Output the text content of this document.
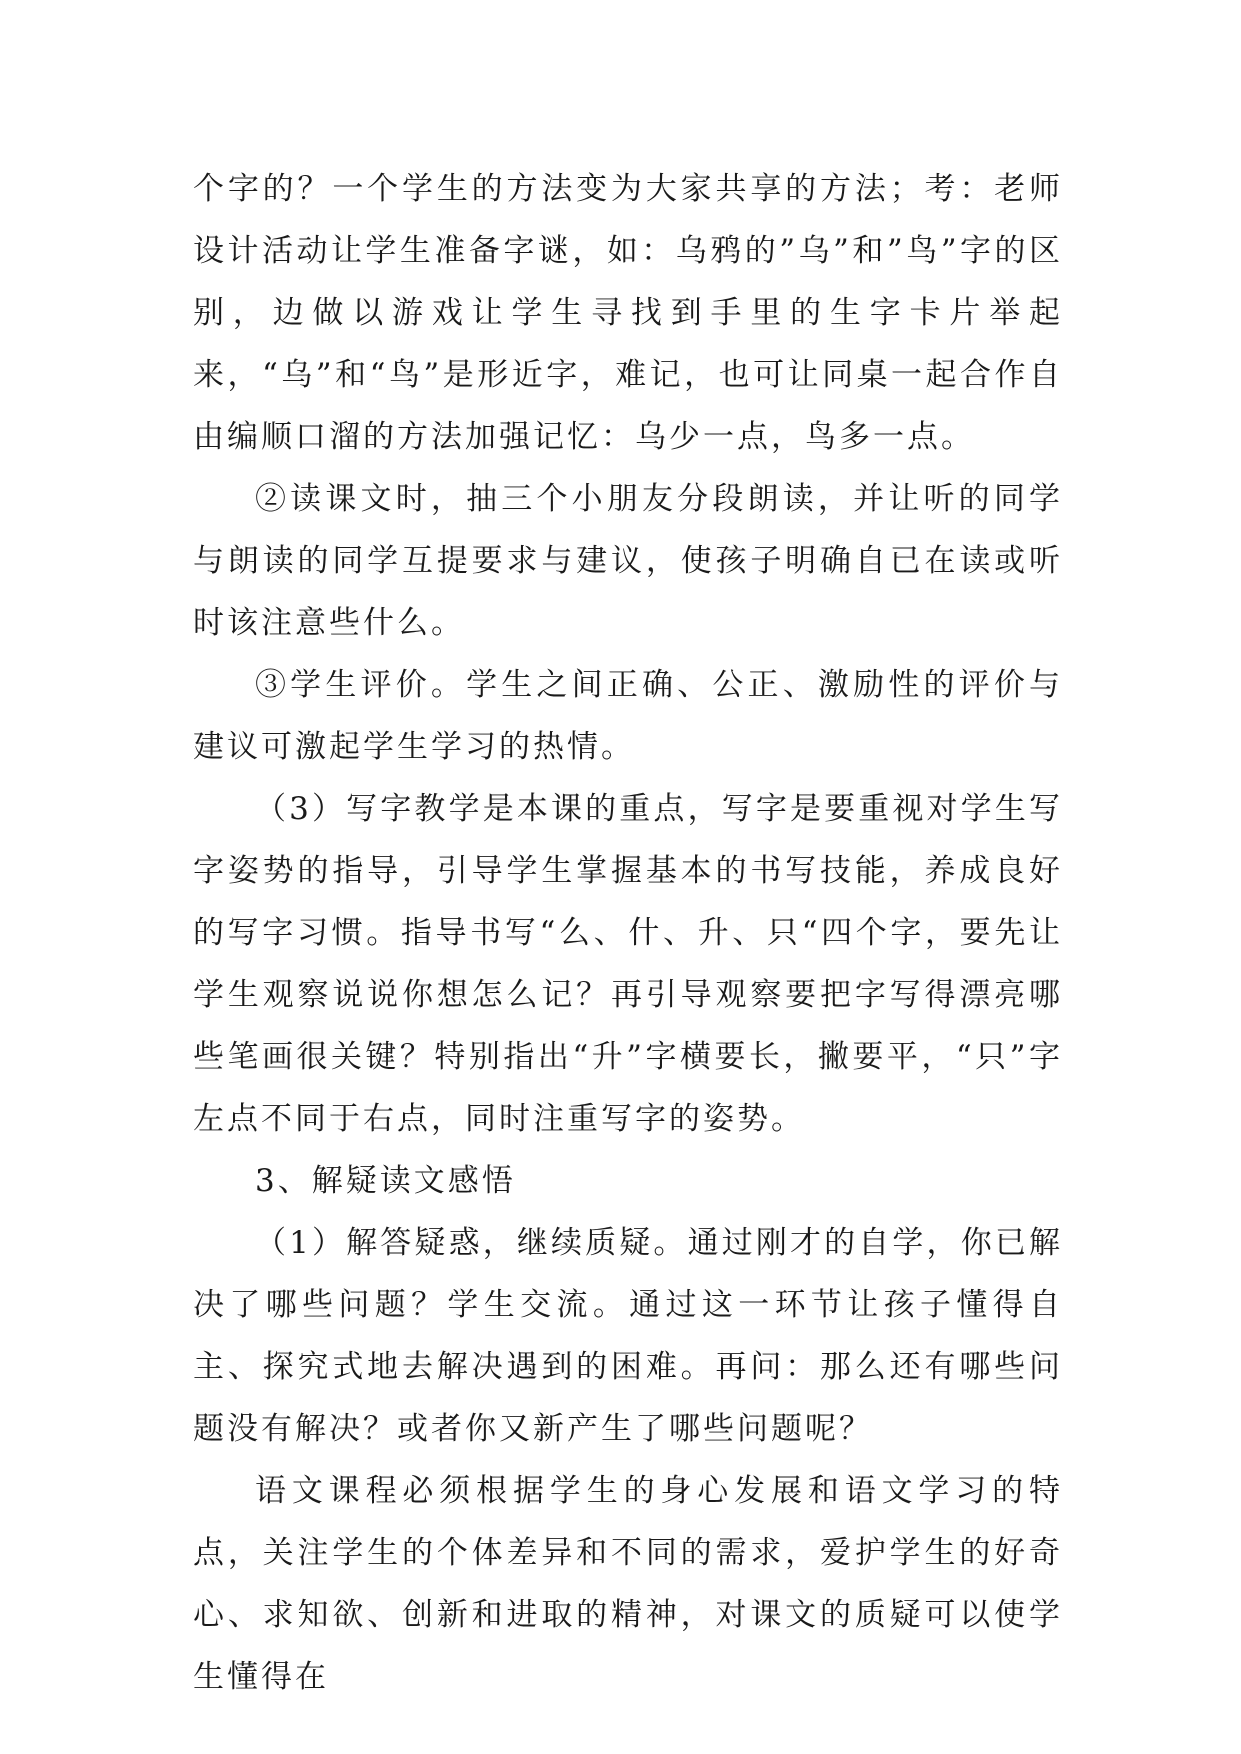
个字的？一个学生的方法变为大家共享的方法；考：老师设计活动让学生准备字谜，如：乌鸦的”乌”和”鸟”字的区别，边做以游戏让学生寻找到手里的生字卡片举起来，“乌”和“鸟”是形近字，难记，也可让同桌一起合作自由编顺口溜的方法加强记忆：乌少一点，鸟多一点。

②读课文时，抽三个小朋友分段朗读，并让听的同学与朗读的同学互提要求与建议，使孩子明确自已在读或听时该注意些什么。

③学生评价。学生之间正确、公正、激励性的评价与建议可激起学生学习的热情。

（3）写字教学是本课的重点，写字是要重视对学生写字姿势的指导，引导学生掌握基本的书写技能，养成良好的写字习惯。指导书写“么、什、升、只“四个字，要先让学生观察说说你想怎么记？再引导观察要把字写得漂亮哪些笔画很关键？特别指出“升”字横要长，撇要平，“只”字左点不同于右点，同时注重写字的姿势。

3、解疑读文感悟

（1）解答疑惑，继续质疑。通过刚才的自学，你已解决了哪些问题？学生交流。通过这一环节让孩子懂得自主、探究式地去解决遇到的困难。再问：那么还有哪些问题没有解决？或者你又新产生了哪些问题呢？

语文课程必须根据学生的身心发展和语文学习的特点，关注学生的个体差异和不同的需求，爱护学生的好奇心、求知欲、创新和进取的精神，对课文的质疑可以使学生懂得在
